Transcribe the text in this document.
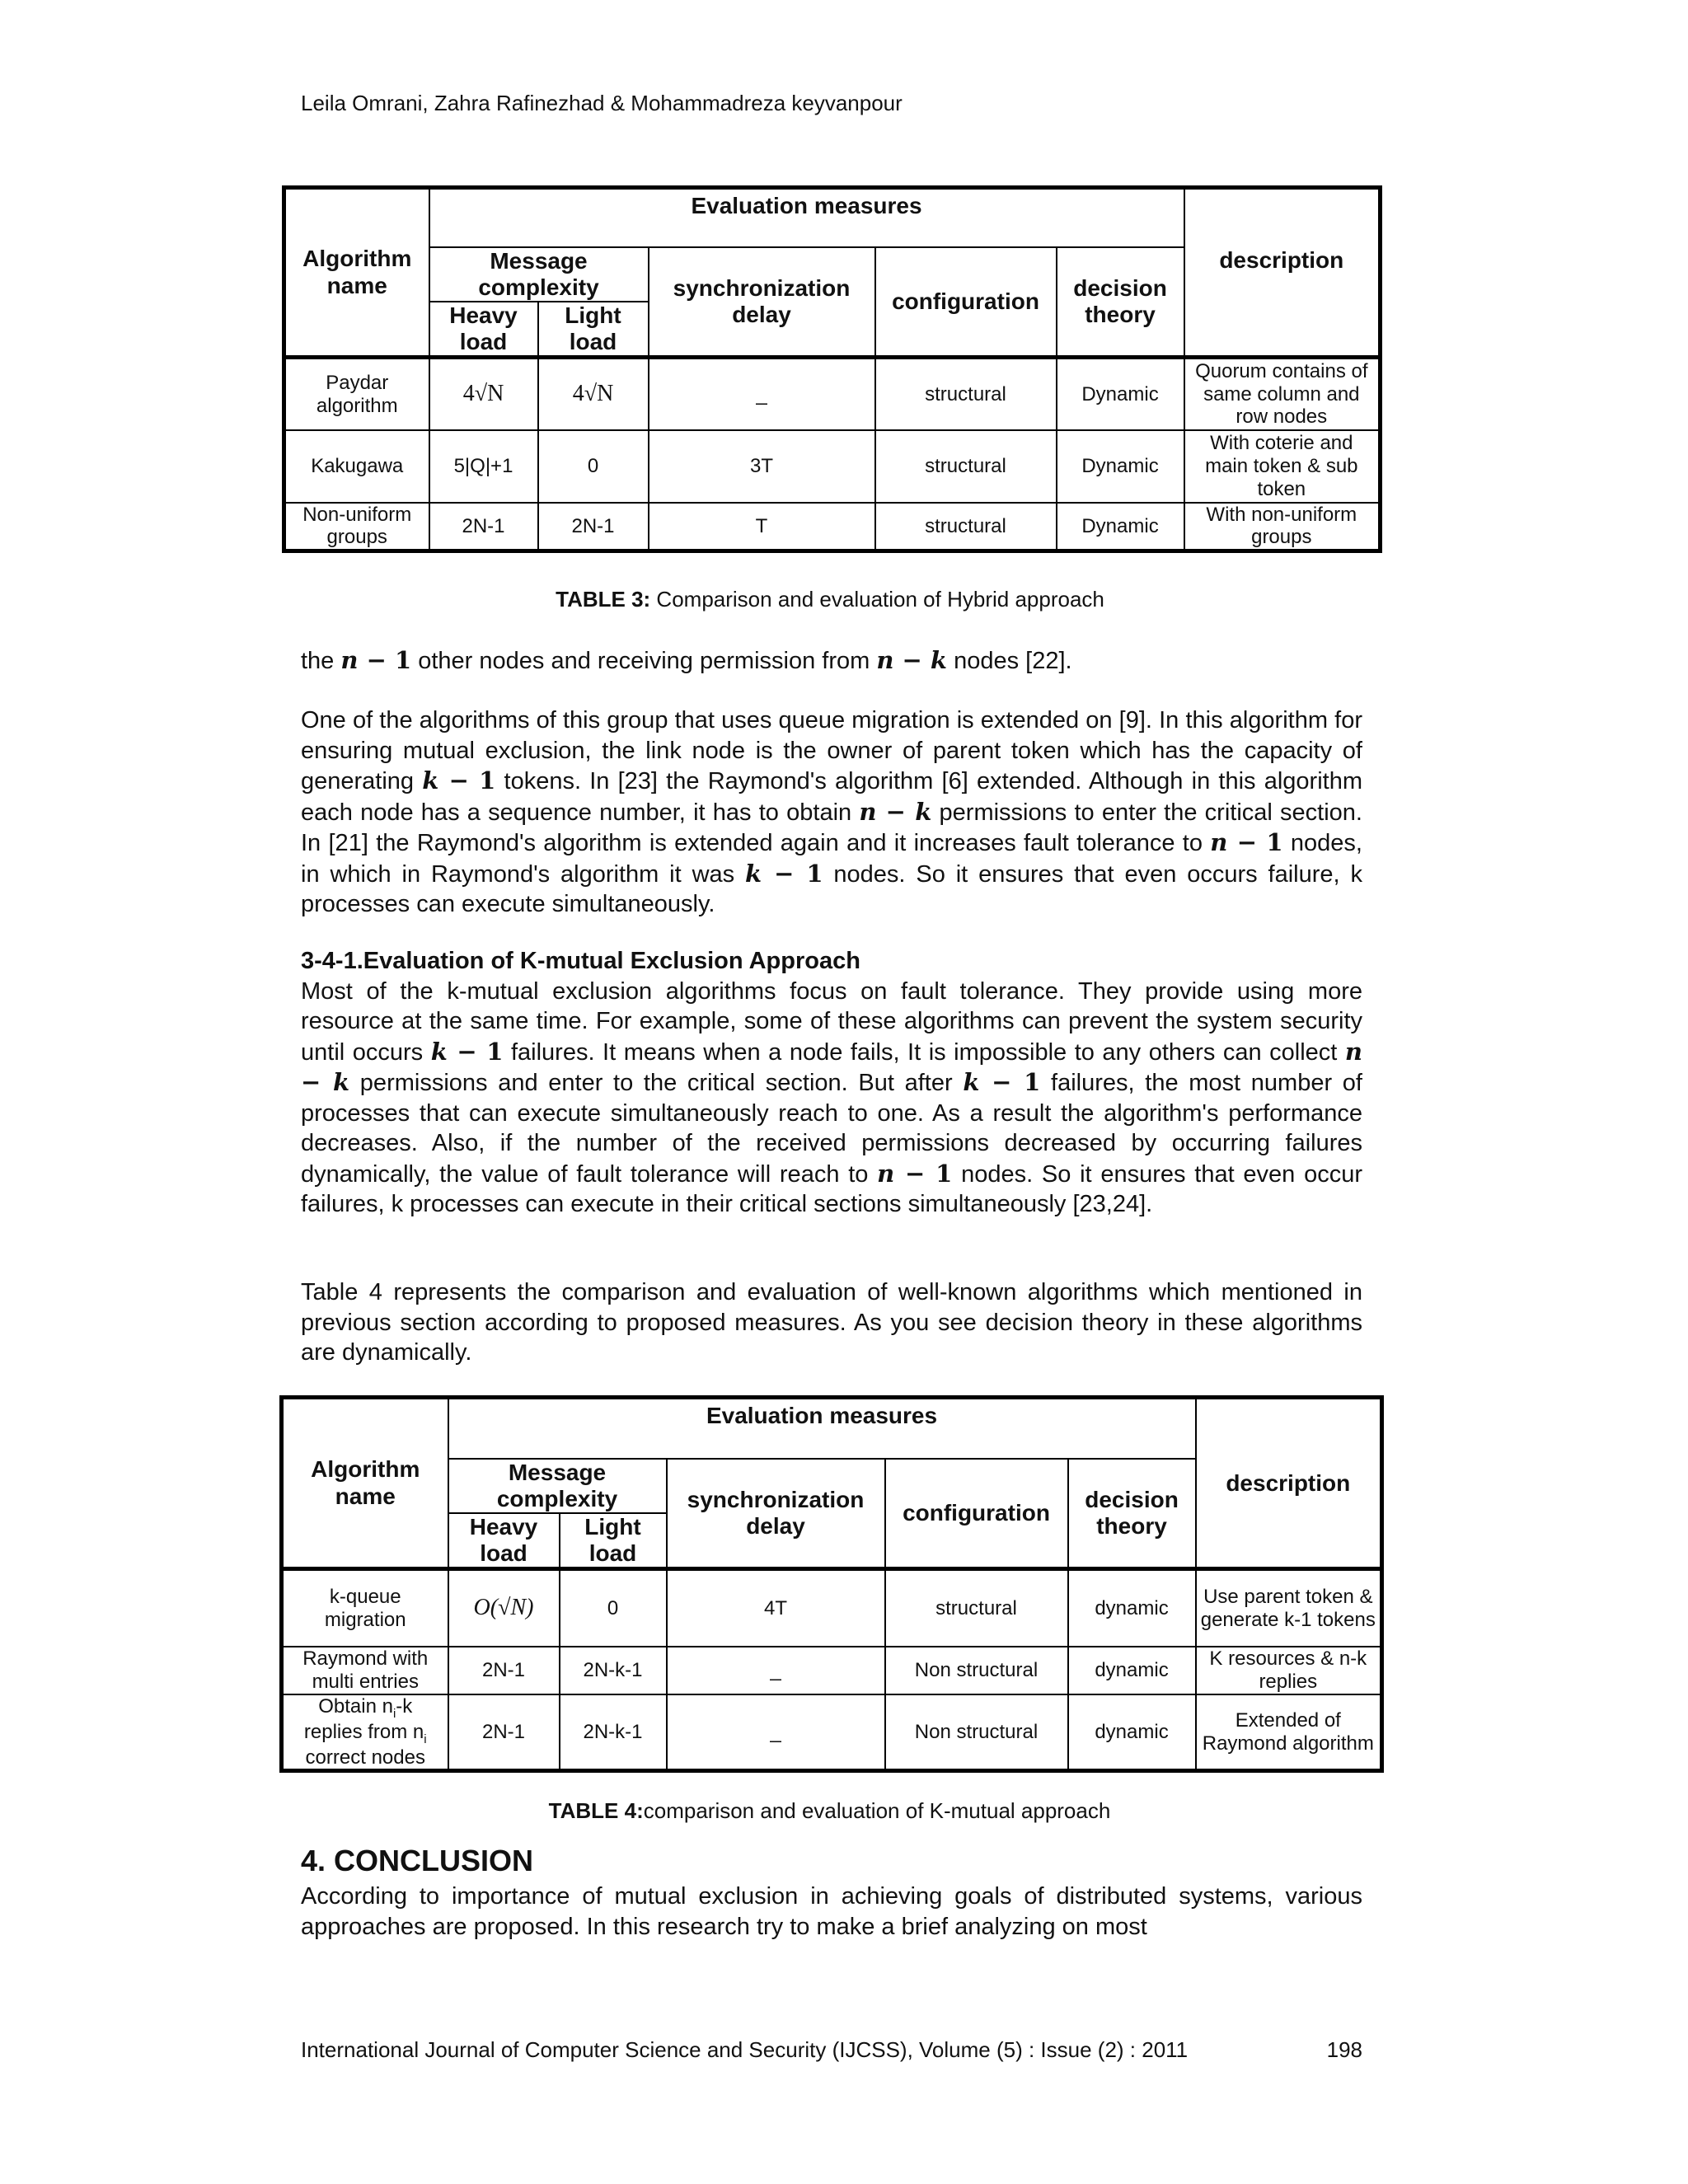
Leila Omrani, Zahra Rafinezhad & Mohammadreza keyvanpour
Algorithm name	Evaluation measures					description
	Message complexity		synchronization delay	configuration	decision theory	
	Heavy load	Light load				
Paydar algorithm	4√N	4√N	_	structural	Dynamic	Quorum contains of same column and row nodes
Kakugawa	5|Q|+1	0	3T	structural	Dynamic	With coterie and main token & sub token
Non-uniform groups	2N-1	2N-1	T	structural	Dynamic	With non-uniform groups
TABLE 3: Comparison and evaluation of Hybrid approach

the n − 1 other nodes and receiving permission from n − k nodes [22].

One of the algorithms of this group that uses queue migration is extended on [9]. In this algorithm for ensuring mutual exclusion, the link node is the owner of parent token which has the capacity of generating k − 1 tokens. In [23] the Raymond's algorithm [6] extended. Although in this algorithm each node has a sequence number, it has to obtain n − k permissions to enter the critical section. In [21] the Raymond's algorithm is extended again and it increases fault tolerance to n − 1 nodes, in which in Raymond's algorithm it was k − 1 nodes. So it ensures that even occurs failure, k processes can execute simultaneously.

3-4-1.Evaluation of K-mutual Exclusion Approach

Most of the k-mutual exclusion algorithms focus on fault tolerance. They provide using more resource at the same time. For example, some of these algorithms can prevent the system security until occurs k − 1 failures. It means when a node fails, It is impossible to any others can collect n − k permissions and enter to the critical section. But after k − 1 failures, the most number of processes that can execute simultaneously reach to one. As a result the algorithm's performance decreases. Also, if the number of the received permissions decreased by occurring failures dynamically, the value of fault tolerance will reach to n − 1 nodes. So it ensures that even occur failures, k processes can execute in their critical sections simultaneously [23,24].

Table 4 represents the comparison and evaluation of well-known algorithms which mentioned in previous section according to proposed measures. As you see decision theory in these algorithms are dynamically.

Algorithm name	Evaluation measures					description
	Message complexity		synchronization delay	configuration	decision theory	
	Heavy load	Light load				
k-queue migration	O(√N)	0	4T	structural	dynamic	Use parent token & generate k-1 tokens
Raymond with multi entries	2N-1	2N-k-1	_	Non structural	dynamic	K resources & n-k replies
Obtain $n_i-k$ replies from $n_i$ correct nodes	2N-1	2N-k-1	_	Non structural	dynamic	Extended of Raymond algorithm
TABLE 4:comparison and evaluation of K-mutual approach
4. CONCLUSION

According to importance of mutual exclusion in achieving goals of distributed systems, various approaches are proposed. In this research try to make a brief analyzing on most

International Journal of Computer Science and Security (IJCSS), Volume (5) : Issue (2) : 2011	198
